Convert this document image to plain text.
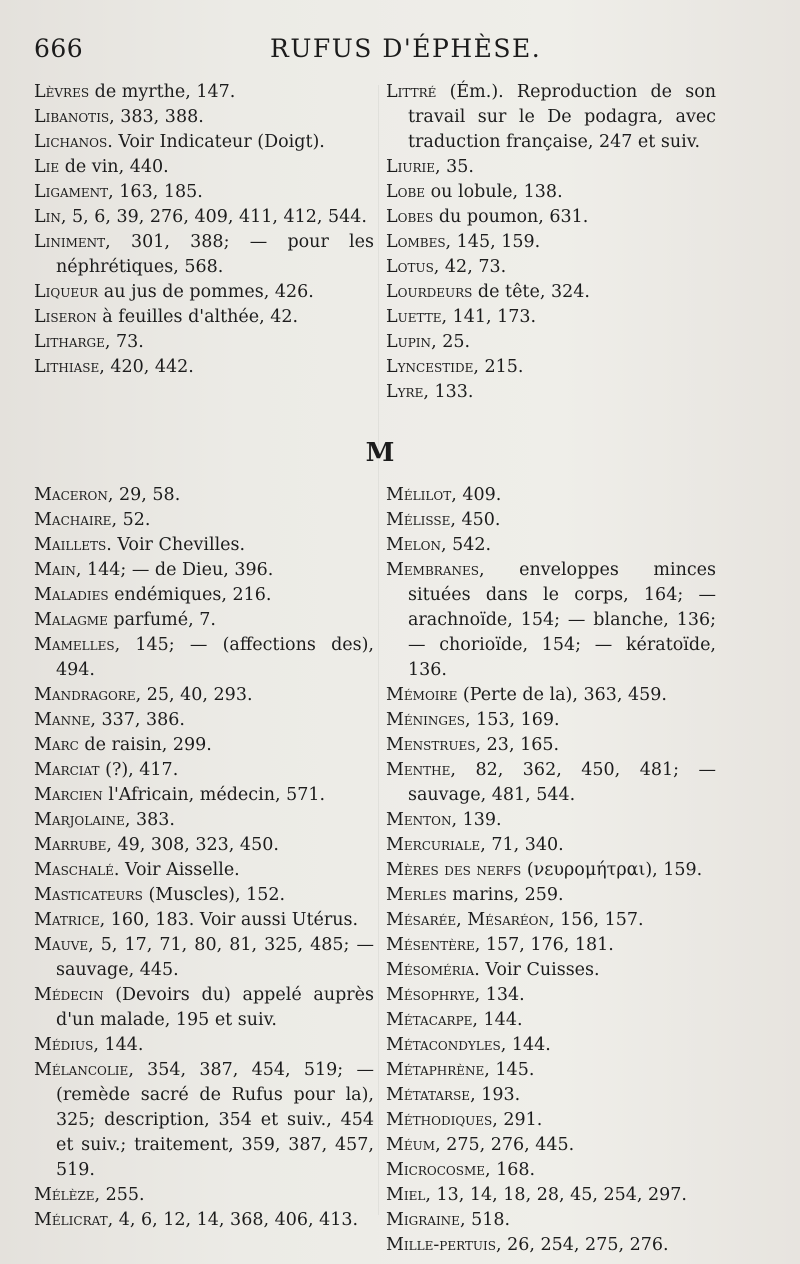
666	RUFUS D'ÉPHÈSE.
Lèvres de myrthe, 147.
Libanotis, 383, 388.
Lichanos. Voir Indicateur (Doigt).
Lie de vin, 440.
Ligament, 163, 185.
Lin, 5, 6, 39, 276, 409, 411, 412, 544.
Liniment, 301, 388; — pour les néphrétiques, 568.
Liqueur au jus de pommes, 426.
Liseron à feuilles d'althée, 42.
Litharge, 73.
Lithiase, 420, 442.
Littré (Ém.). Reproduction de son travail sur le De podagra, avec traduction française, 247 et suiv.
Liurie, 35.
Lobe ou lobule, 138.
Lobes du poumon, 631.
Lombes, 145, 159.
Lotus, 42, 73.
Lourdeurs de tête, 324.
Luette, 141, 173.
Lupin, 25.
Lyncestide, 215.
Lyre, 133.
M
Maceron, 29, 58.
Machaire, 52.
Maillets. Voir Chevilles.
Main, 144; — de Dieu, 396.
Maladies endémiques, 216.
Malagme parfumé, 7.
Mamelles, 145; — (affections des), 494.
Mandragore, 25, 40, 293.
Manne, 337, 386.
Marc de raisin, 299.
Marciat (?), 417.
Marcien l'Africain, médecin, 571.
Marjolaine, 383.
Marrube, 49, 308, 323, 450.
Maschalé. Voir Aisselle.
Masticateurs (Muscles), 152.
Matrice, 160, 183. Voir aussi Utérus.
Mauve, 5, 17, 71, 80, 81, 325, 485; — sauvage, 445.
Médecin (Devoirs du) appelé auprès d'un malade, 195 et suiv.
Médius, 144.
Mélancolie, 354, 387, 454, 519; — (remède sacré de Rufus pour la), 325; description, 354 et suiv., 454 et suiv.; traitement, 359, 387, 457, 519.
Mélèze, 255.
Mélicrat, 4, 6, 12, 14, 368, 406, 413.
Mélilot, 409.
Mélisse, 450.
Melon, 542.
Membranes, enveloppes minces situées dans le corps, 164; — arachnoïde, 154; — blanche, 136; — chorioïde, 154; — kératoïde, 136.
Mémoire (Perte de la), 363, 459.
Méninges, 153, 169.
Menstrues, 23, 165.
Menthe, 82, 362, 450, 481; — sauvage, 481, 544.
Menton, 139.
Mercuriale, 71, 340.
Mères des nerfs (νευρομήτραι), 159.
Merles marins, 259.
Mésarée, Mésaréon, 156, 157.
Mésentère, 157, 176, 181.
Mésoméria. Voir Cuisses.
Mésophrye, 134.
Métacarpe, 144.
Métacondyles, 144.
Métaphrène, 145.
Métatarse, 193.
Méthodiques, 291.
Méum, 275, 276, 445.
Microcosme, 168.
Miel, 13, 14, 18, 28, 45, 254, 297.
Migraine, 518.
Mille-pertuis, 26, 254, 275, 276.
